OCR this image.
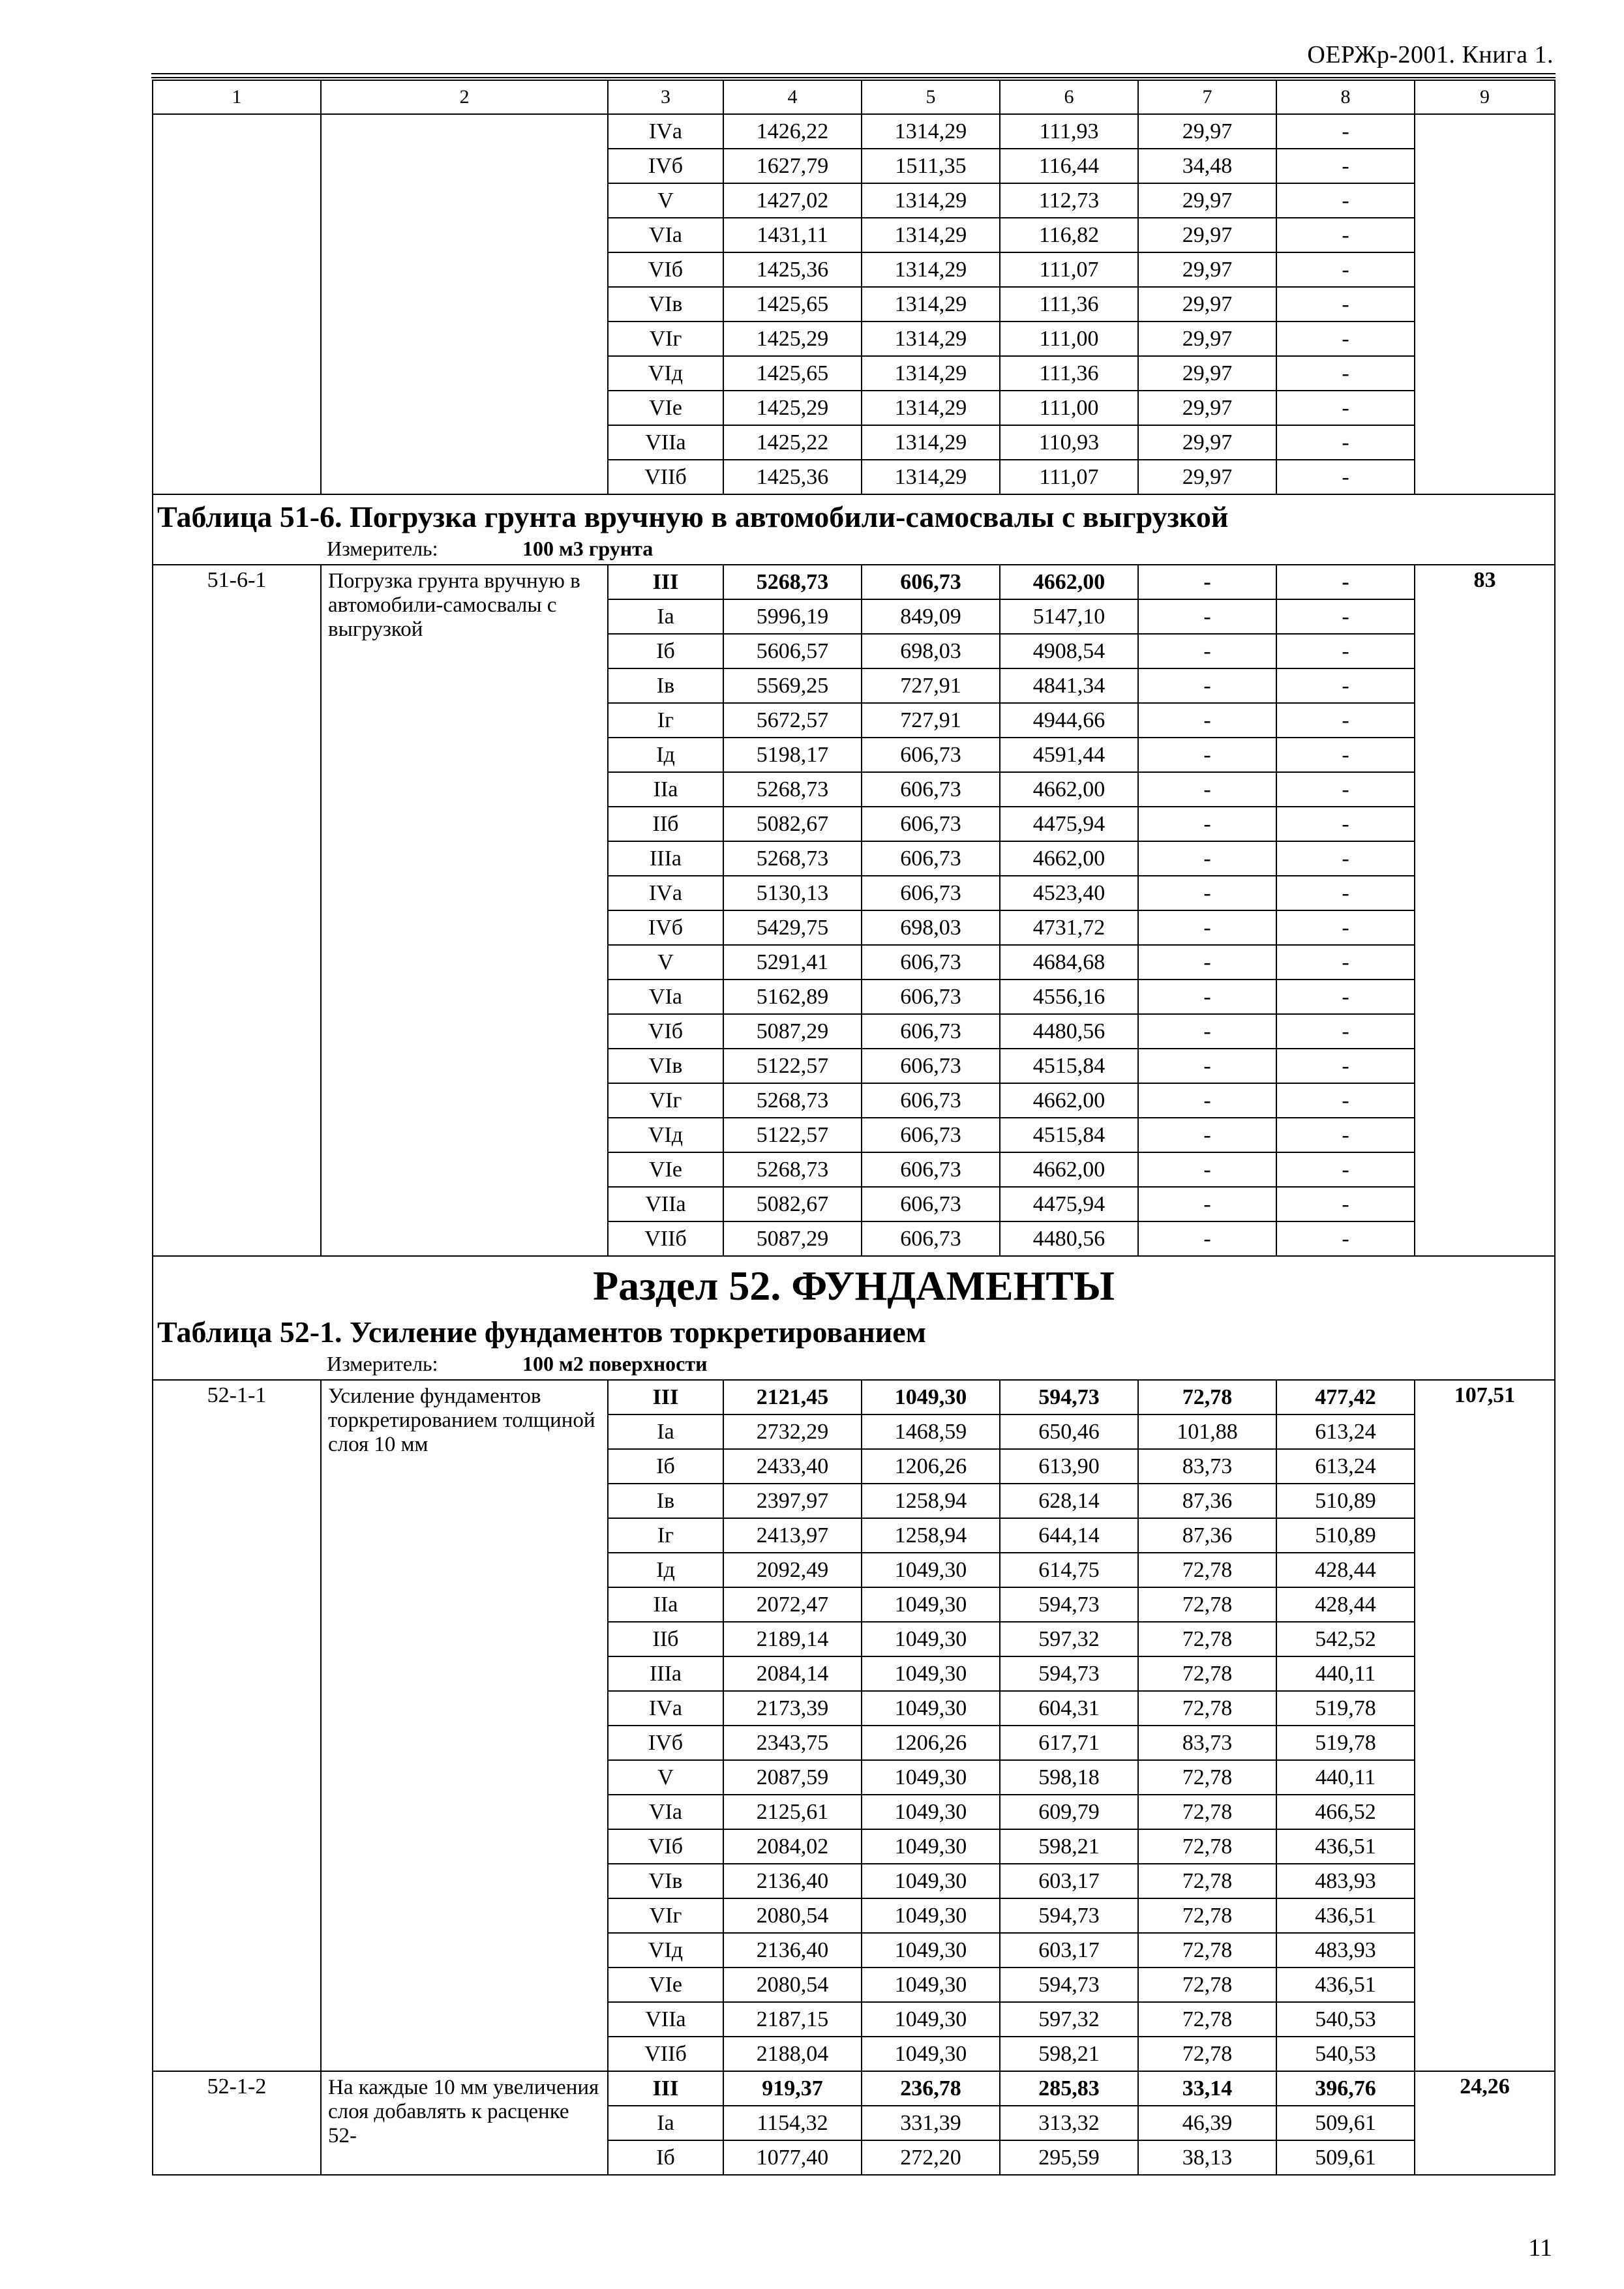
ОЕРЖр-2001. Книга 1.
1	2	3	4	5	6	7	8	9
		IVа	1426,22	1314,29	111,93	29,97	-	
		IVб	1627,79	1511,35	116,44	34,48	-	
		V	1427,02	1314,29	112,73	29,97	-	
		VIа	1431,11	1314,29	116,82	29,97	-	
		VIб	1425,36	1314,29	111,07	29,97	-	
		VIв	1425,65	1314,29	111,36	29,97	-	
		VIг	1425,29	1314,29	111,00	29,97	-	
		VIд	1425,65	1314,29	111,36	29,97	-	
		VIе	1425,29	1314,29	111,00	29,97	-	
		VIIа	1425,22	1314,29	110,93	29,97	-	
		VIIб	1425,36	1314,29	111,07	29,97	-	

Таблица 51-6. Погрузка грунта вручную в автомобили-самосвалы с выгрузкой
Измеритель: 100 м3 грунта								

51-6-1	Погрузка грунта вручную в автомобили-самосвалы с выгрузкой	III	5268,73	606,73	4662,00	-	-	83
		Iа	5996,19	849,09	5147,10	-	-	
		Iб	5606,57	698,03	4908,54	-	-	
		Iв	5569,25	727,91	4841,34	-	-	
		Iг	5672,57	727,91	4944,66	-	-	
		Iд	5198,17	606,73	4591,44	-	-	
		IIа	5268,73	606,73	4662,00	-	-	
		IIб	5082,67	606,73	4475,94	-	-	
		IIIа	5268,73	606,73	4662,00	-	-	
		IVа	5130,13	606,73	4523,40	-	-	
		IVб	5429,75	698,03	4731,72	-	-	
		V	5291,41	606,73	4684,68	-	-	
		VIа	5162,89	606,73	4556,16	-	-	
		VIб	5087,29	606,73	4480,56	-	-	
		VIв	5122,57	606,73	4515,84	-	-	
		VIг	5268,73	606,73	4662,00	-	-	
		VIд	5122,57	606,73	4515,84	-	-	
		VIе	5268,73	606,73	4662,00	-	-	
		VIIа	5082,67	606,73	4475,94	-	-	
		VIIб	5087,29	606,73	4480,56	-	-	

Раздел 52. ФУНДАМЕНТЫ
Таблица 52-1. Усиление фундаментов торкретированием
Измеритель: 100 м2 поверхности								

52-1-1	Усиление фундаментов торкретированием толщиной слоя 10 мм	III	2121,45	1049,30	594,73	72,78	477,42	107,51
		Iа	2732,29	1468,59	650,46	101,88	613,24	
		Iб	2433,40	1206,26	613,90	83,73	613,24	
		Iв	2397,97	1258,94	628,14	87,36	510,89	
		Iг	2413,97	1258,94	644,14	87,36	510,89	
		Iд	2092,49	1049,30	614,75	72,78	428,44	
		IIа	2072,47	1049,30	594,73	72,78	428,44	
		IIб	2189,14	1049,30	597,32	72,78	542,52	
		IIIа	2084,14	1049,30	594,73	72,78	440,11	
		IVа	2173,39	1049,30	604,31	72,78	519,78	
		IVб	2343,75	1206,26	617,71	83,73	519,78	
		V	2087,59	1049,30	598,18	72,78	440,11	
		VIа	2125,61	1049,30	609,79	72,78	466,52	
		VIб	2084,02	1049,30	598,21	72,78	436,51	
		VIв	2136,40	1049,30	603,17	72,78	483,93	
		VIг	2080,54	1049,30	594,73	72,78	436,51	
		VIд	2136,40	1049,30	603,17	72,78	483,93	
		VIе	2080,54	1049,30	594,73	72,78	436,51	
		VIIа	2187,15	1049,30	597,32	72,78	540,53	
		VIIб	2188,04	1049,30	598,21	72,78	540,53	
52-1-2	На каждые 10 мм увеличения слоя добавлять к расценке 52-	III	919,37	236,78	285,83	33,14	396,76	24,26
		Iа	1154,32	331,39	313,32	46,39	509,61	
		Iб	1077,40	272,20	295,59	38,13	509,61	
11
